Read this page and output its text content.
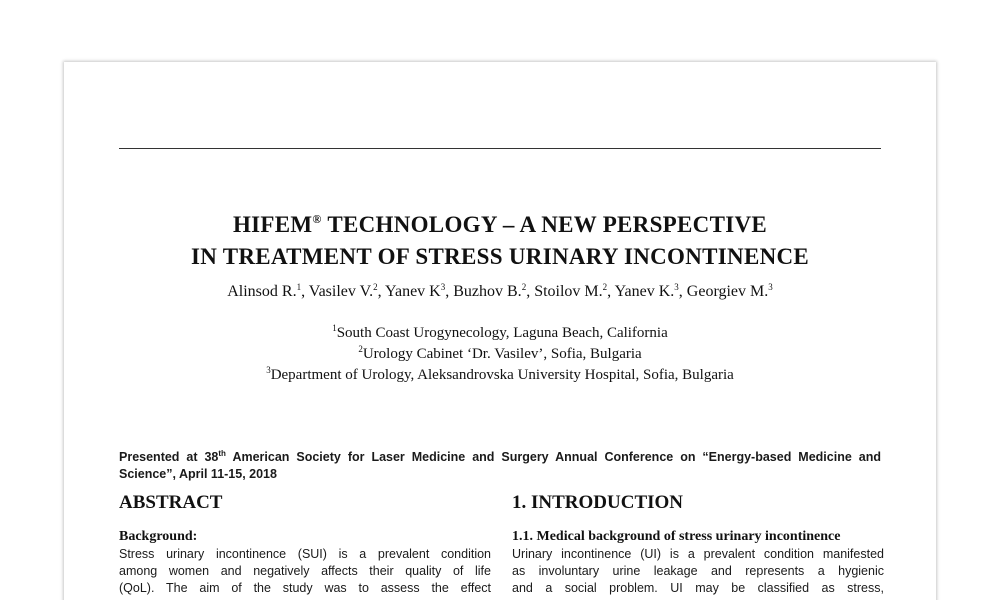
HIFEM® TECHNOLOGY – A NEW PERSPECTIVE
IN TREATMENT OF STRESS URINARY INCONTINENCE
Alinsod R.$^1$, Vasilev V.$^2$, Yanev $K^3$, Buzhov B.$^2$, Stoilov M.$^2$, Yanev K.$^3$, Georgiev M.$^3$
$^1$South Coast Urogynecology, Laguna Beach, California
$^2$Urology Cabinet ‘Dr. Vasilev’, Sofia, Bulgaria
$^3$Department of Urology, Aleksandrovska University Hospital, Sofia, Bulgaria
Presented at 38th American Society for Laser Medicine and Surgery Annual Conference on “Energy-based Medicine and Science”, April 11-15, 2018
ABSTRACT
Background:
Stress urinary incontinence (SUI) is a prevalent condition
among women and negatively affects their quality of life
(QoL). The aim of the study was to assess the effect
1. INTRODUCTION
1.1. Medical background of stress urinary incontinence
Urinary incontinence (UI) is a prevalent condition manifested
as involuntary urine leakage and represents a hygienic
and a social problem. UI may be classified as stress,
